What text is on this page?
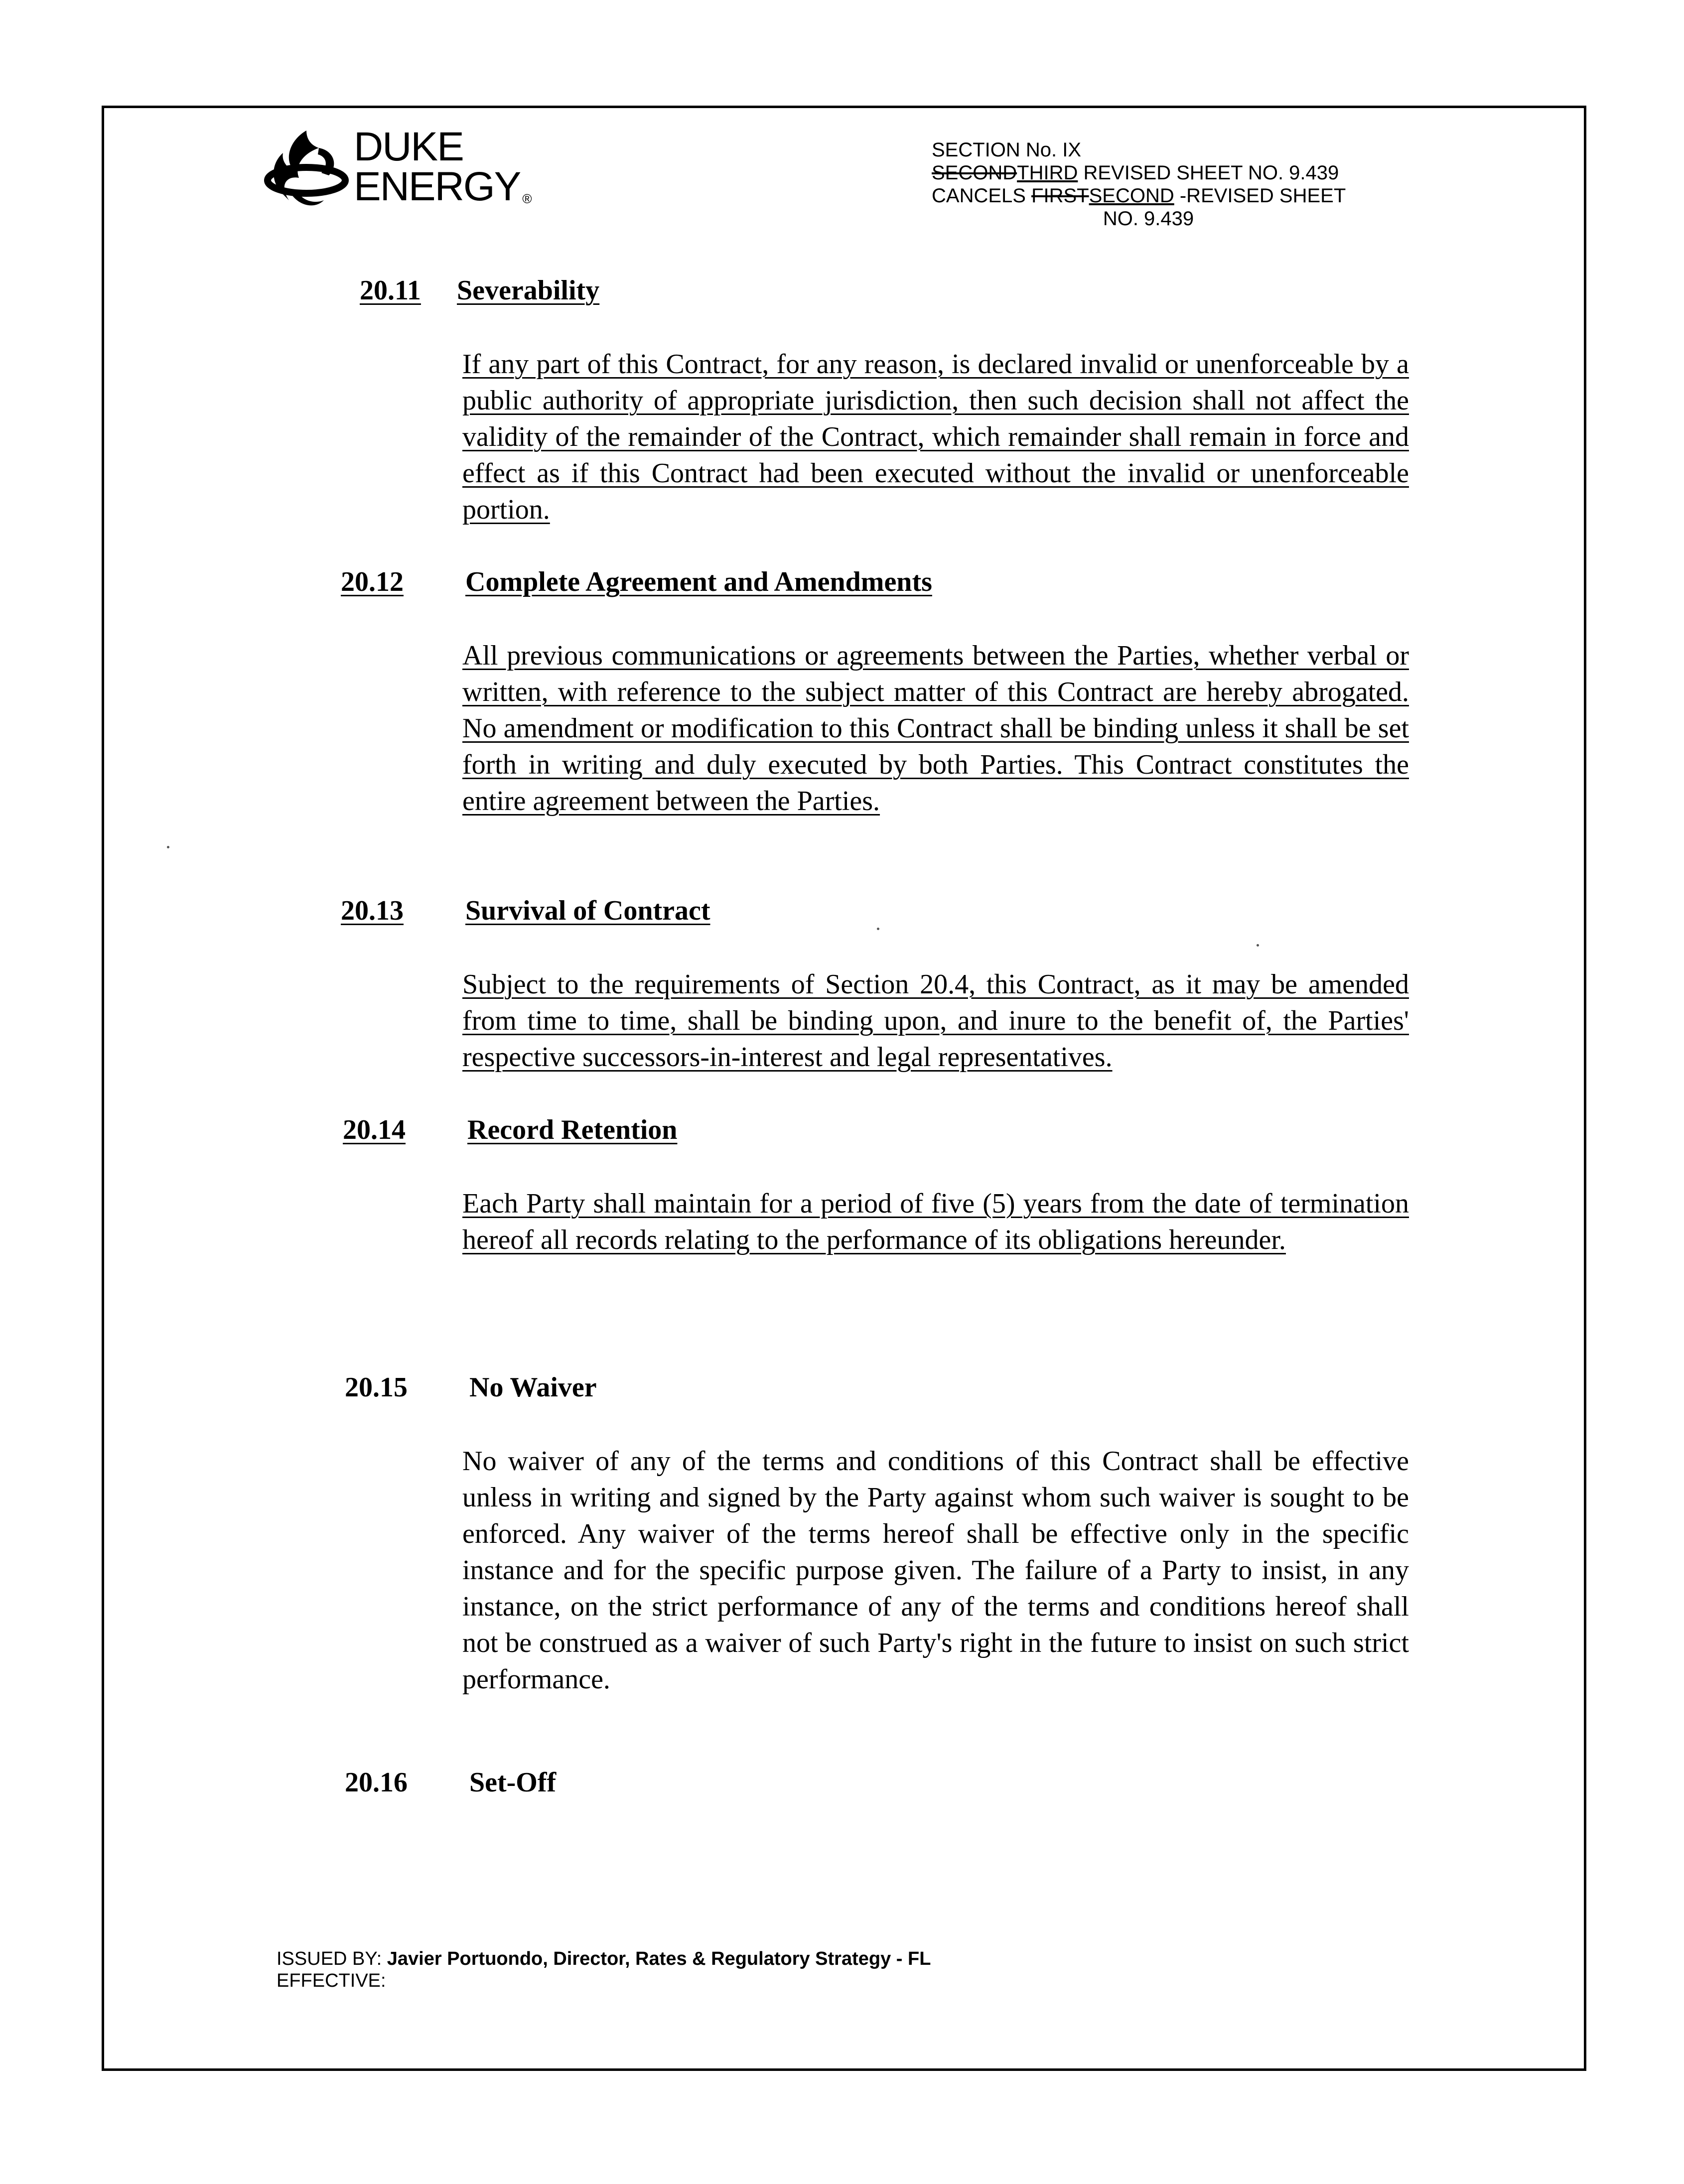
DUKE
ENERGY ®
SECTION No. IX
SECONDTHIRD REVISED SHEET NO. 9.439
CANCELS FIRSTSECOND -REVISED SHEET
NO. 9.439
20.11 Severability
If any part of this Contract, for any reason, is declared invalid or unenforceable by a public authority of appropriate jurisdiction, then such decision shall not affect the validity of the remainder of the Contract, which remainder shall remain in force and effect as if this Contract had been executed without the invalid or unenforceable portion.
20.12 Complete Agreement and Amendments
All previous communications or agreements between the Parties, whether verbal or written, with reference to the subject matter of this Contract are hereby abrogated. No amendment or modification to this Contract shall be binding unless it shall be set forth in writing and duly executed by both Parties. This Contract constitutes the entire agreement between the Parties.
20.13 Survival of Contract
Subject to the requirements of Section 20.4, this Contract, as it may be amended from time to time, shall be binding upon, and inure to the benefit of, the Parties' respective successors-in-interest and legal representatives.
20.14 Record Retention
Each Party shall maintain for a period of five (5) years from the date of termination hereof all records relating to the performance of its obligations hereunder.
20.15 No Waiver
No waiver of any of the terms and conditions of this Contract shall be effective unless in writing and signed by the Party against whom such waiver is sought to be enforced. Any waiver of the terms hereof shall be effective only in the specific instance and for the specific purpose given. The failure of a Party to insist, in any instance, on the strict performance of any of the terms and conditions hereof shall not be construed as a waiver of such Party's right in the future to insist on such strict performance.
20.16 Set-Off
ISSUED BY: Javier Portuondo, Director, Rates & Regulatory Strategy - FL
EFFECTIVE:
